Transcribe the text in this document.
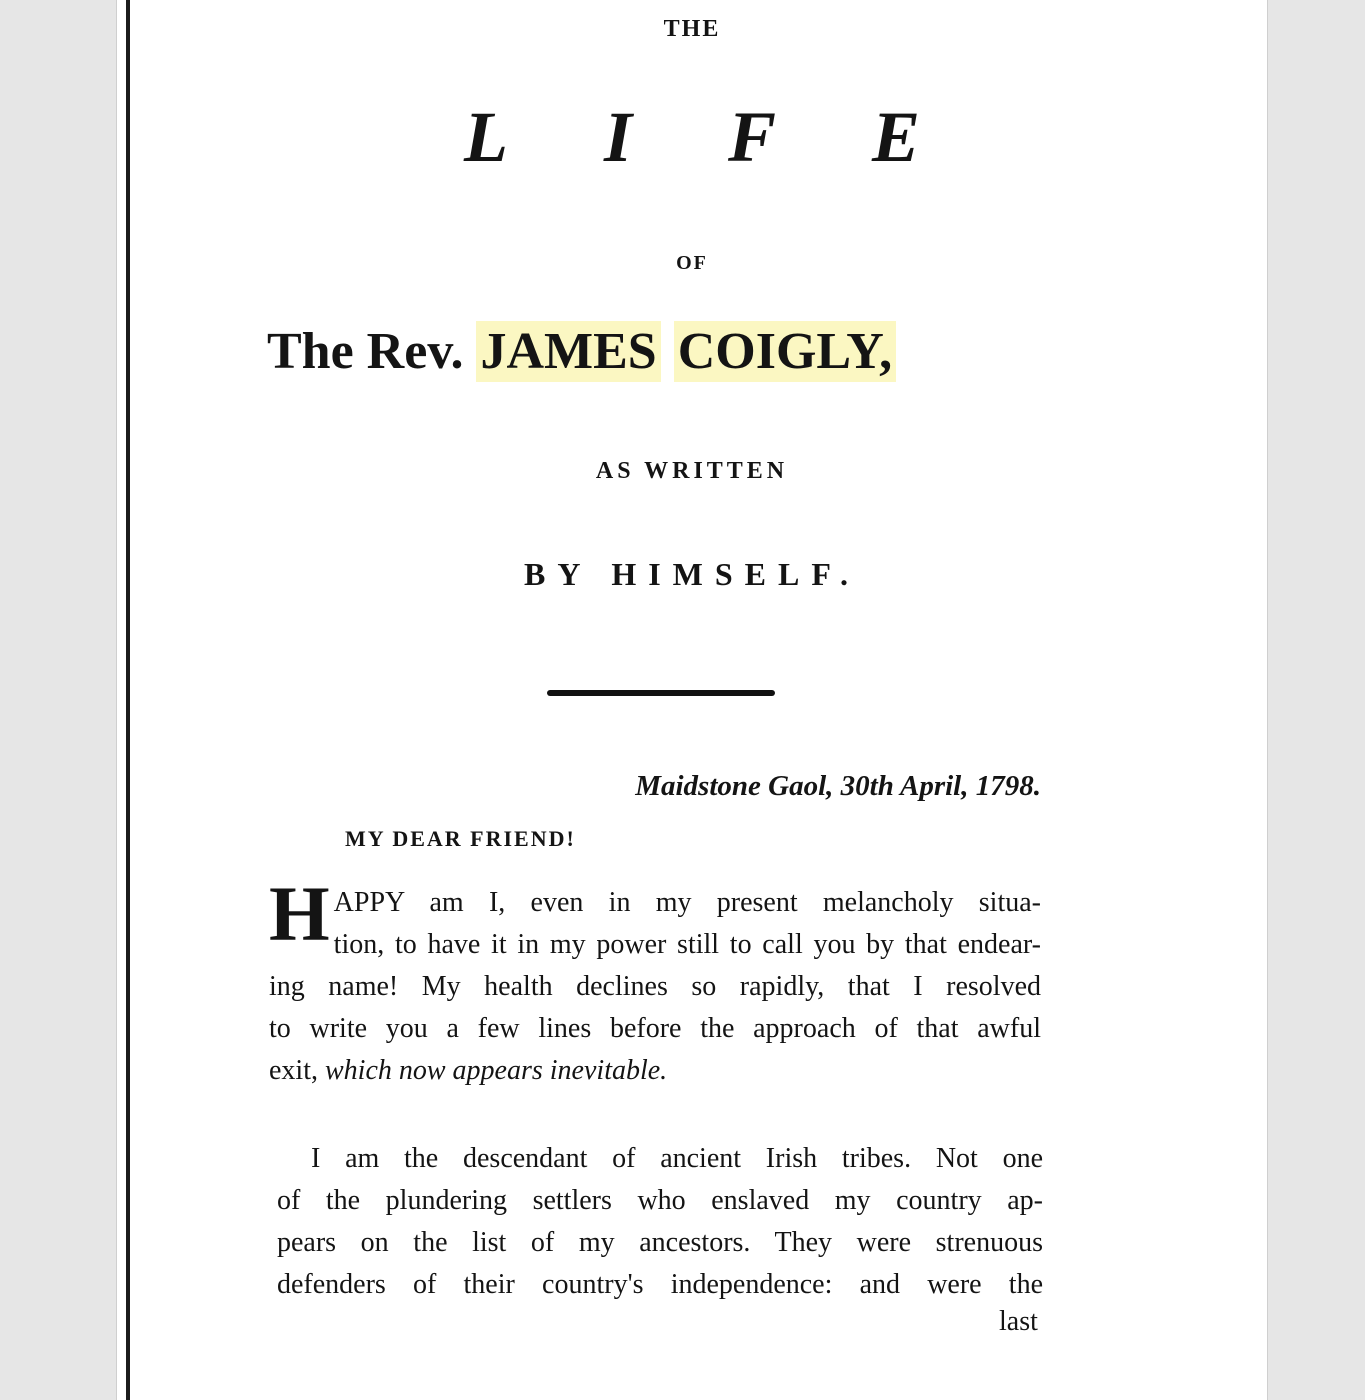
THE
L I F E
OF
The Rev. JAMES COIGLY,
AS WRITTEN
BY HIMSELF.
Maidstone Gaol, 30th April, 1798.
MY DEAR FRIEND!
H APPY am I, even in my present melancholy situa-
tion, to have it in my power still to call you by that endear-
ing name! My health declines so rapidly, that I resolved
to write you a few lines before the approach of that awful
exit, which now appears inevitable.
I am the descendant of ancient Irish tribes. Not one
of the plundering settlers who enslaved my country ap-
pears on the list of my ancestors. They were strenuous
defenders of their country's independence: and were the
last
